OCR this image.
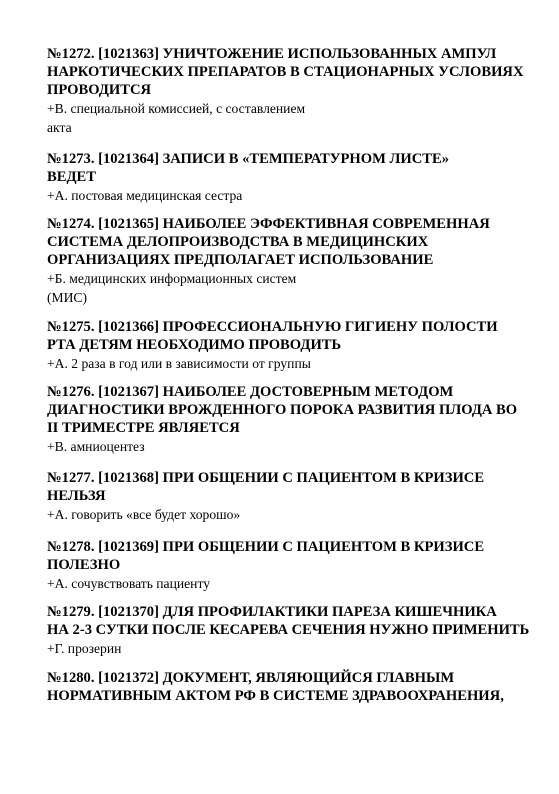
№1272. [1021363] УНИЧТОЖЕНИЕ ИСПОЛЬЗОВАННЫХ АМПУЛ
НАРКОТИЧЕСКИХ ПРЕПАРАТОВ В СТАЦИОНАРНЫХ УСЛОВИЯХ
ПРОВОДИТСЯ
+В. специальной комиссией, с составлением
акта
№1273. [1021364] ЗАПИСИ В «ТЕМПЕРАТУРНОМ ЛИСТЕ»
ВЕДЕТ
+А. постовая медицинская сестра
№1274. [1021365] НАИБОЛЕЕ ЭФФЕКТИВНАЯ СОВРЕМЕННАЯ
СИСТЕМА ДЕЛОПРОИЗВОДСТВА В МЕДИЦИНСКИХ
ОРГАНИЗАЦИЯХ ПРЕДПОЛАГАЕТ ИСПОЛЬЗОВАНИЕ
+Б. медицинских информационных систем
(МИС)
№1275. [1021366] ПРОФЕССИОНАЛЬНУЮ ГИГИЕНУ ПОЛОСТИ
РТА ДЕТЯМ НЕОБХОДИМО ПРОВОДИТЬ
+А. 2 раза в год или в зависимости от группы
№1276. [1021367] НАИБОЛЕЕ ДОСТОВЕРНЫМ МЕТОДОМ
ДИАГНОСТИКИ ВРОЖДЕННОГО ПОРОКА РАЗВИТИЯ ПЛОДА ВО
II ТРИМЕСТРЕ ЯВЛЯЕТСЯ
+В. амниоцентез
№1277. [1021368] ПРИ ОБЩЕНИИ С ПАЦИЕНТОМ В КРИЗИСЕ
НЕЛЬЗЯ
+А. говорить «все будет хорошо»
№1278. [1021369] ПРИ ОБЩЕНИИ С ПАЦИЕНТОМ В КРИЗИСЕ
ПОЛЕЗНО
+А. сочувствовать пациенту
№1279. [1021370] ДЛЯ ПРОФИЛАКТИКИ ПАРЕЗА КИШЕЧНИКА
НА 2-3 СУТКИ ПОСЛЕ КЕСАРЕВА СЕЧЕНИЯ НУЖНО ПРИМЕНИТЬ
+Г. прозерин
№1280. [1021372] ДОКУМЕНТ, ЯВЛЯЮЩИЙСЯ ГЛАВНЫМ
НОРМАТИВНЫМ АКТОМ РФ В СИСТЕМЕ ЗДРАВООХРАНЕНИЯ,
